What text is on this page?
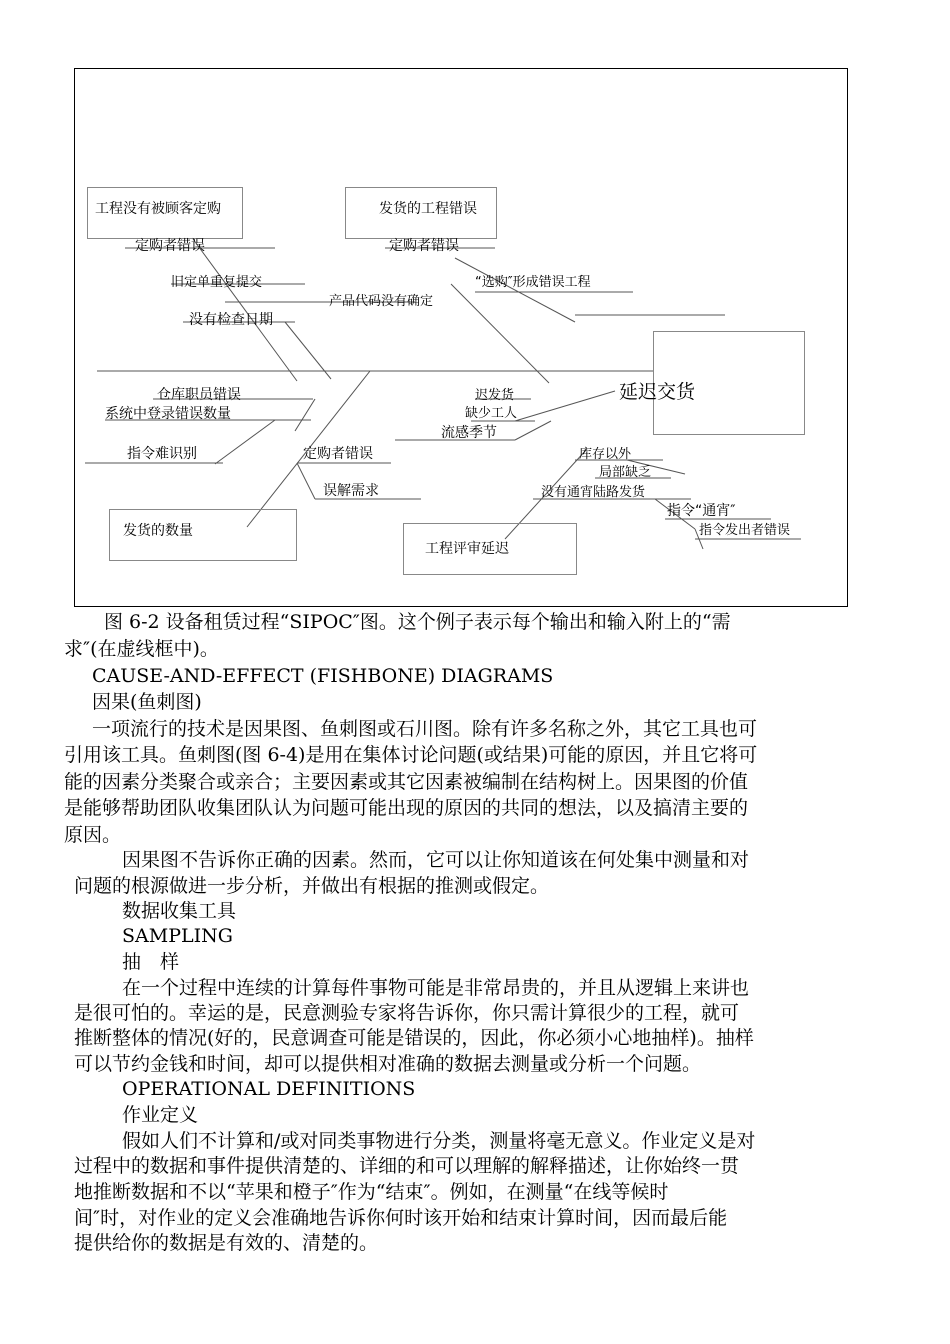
工程没有被顾客定购	发货的工程错误
延迟交货
发货的数量
工程评审延迟
定购者错误
旧定单重复提交
产品代码没有确定
没有检查日期
定购者错误
“选购″形成错误工程
仓库职员错误
系统中登录错误数量
指令难识别	定购者错误
误解需求
迟发货
缺少工人
流感季节
库存以外
局部缺乏
没有通宵陆路发货
指令“通宵″
指令发出者错误
图 6-2 设备租赁过程“SIPOC″图。这个例子表示每个输出和输入附上的“需
求″(在虚线框中)。
CAUSE-AND-EFFECT (FISHBONE) DIAGRAMS
因果(鱼刺图)
一项流行的技术是因果图、鱼刺图或石川图。除有许多名称之外，其它工具也可
引用该工具。鱼刺图(图 6-4)是用在集体讨论问题(或结果)可能的原因，并且它将可
能的因素分类聚合或亲合；主要因素或其它因素被编制在结构树上。因果图的价值
是能够帮助团队收集团队认为问题可能出现的原因的共同的想法，以及搞清主要的
原因。
因果图不告诉你正确的因素。然而，它可以让你知道该在何处集中测量和对
问题的根源做进一步分析，并做出有根据的推测或假定。
数据收集工具
SAMPLING
抽　样
在一个过程中连续的计算每件事物可能是非常昂贵的，并且从逻辑上来讲也
是很可怕的。幸运的是，民意测验专家将告诉你，你只需计算很少的工程，就可
推断整体的情况(好的，民意调查可能是错误的，因此，你必须小心地抽样)。抽样
可以节约金钱和时间，却可以提供相对准确的数据去测量或分析一个问题。
OPERATIONAL DEFINITIONS
作业定义
假如人们不计算和/或对同类事物进行分类，测量将毫无意义。作业定义是对
过程中的数据和事件提供清楚的、详细的和可以理解的解释描述，让你始终一贯
地推断数据和不以“苹果和橙子″作为“结束″。例如，在测量“在线等候时
间″时，对作业的定义会准确地告诉你何时该开始和结束计算时间，因而最后能
提供给你的数据是有效的、清楚的。
